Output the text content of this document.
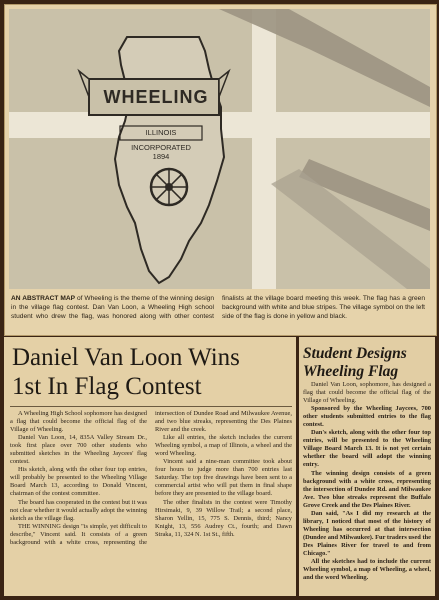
WHEELING
ILLINOIS
INCORPORATED
1894
AN ABSTRACT MAP of Wheeling is the theme of the winning design in the village flag contest. Dan Van Loon, a Wheeling High school student who drew the flag, was honored along with other contest finalists at the village board meeting this week. The flag has a green background with white and blue stripes. The village symbol on the left side of the flag is done in yellow and black.
Daniel Van Loon Wins
1st In Flag Contest

A Wheeling High School sophomore has designed a flag that could become the official flag of the Village of Wheeling.

Daniel Van Loon, 14, 835A Valley Stream Dr., took first place over 700 other students who submitted sketches in the Wheeling Jaycees' flag contest.

His sketch, along with the other four top entries, will probably be presented to the Wheeling Village Board March 13, according to Donald Vincent, chairman of the contest committee.

The board has cooperated in the contest but it was not clear whether it would actually adopt the winning sketch as the village flag.

THE WINNING design "is simple, yet difficult to describe," Vincent said. It consists of a green background with a white cross, representing the intersection of Dundee Road and Milwaukee Avenue, and two blue streaks, representing the Des Plaines River and the creek.

Like all entries, the sketch includes the current Wheeling symbol, a map of Illinois, a wheel and the word Wheeling.

Vincent said a nine-man committee took about four hours to judge more than 700 entries last Saturday. The top five drawings have been sent to a commercial artist who will put them in final shape before they are presented to the village board.

The other finalists in the contest were Timothy Hirsimaki, 9, 39 Willow Trail; a second place, Sharon Yellin, 15, 775 S. Dennis, third; Nancy Knight, 13, 556 Audrey Ct., fourth; and Dawn Straka, 11, 324 N. 1st St., fifth.

Student Designs
Wheeling Flag

Daniel Van Loon, sophomore, has designed a flag that could become the official flag of the Village of Wheeling.

Sponsored by the Wheeling Jaycees, 700 other students submitted entries to the flag contest.

Dan's sketch, along with the other four top entries, will be presented to the Wheeling Village Board March 13. It is not yet certain whether the board will adopt the winning entry.

The winning design consists of a green background with a white cross, representing the intersection of Dundee Rd. and Milwaukee Ave. Two blue streaks represent the Buffalo Grove Creek and the Des Plaines River.

Dan said, "As I did my research at the library, I noticed that most of the history of Wheeling has occurred at that intersection (Dundee and Milwaukee). Fur traders used the Des Plaines River for travel to and from Chicago."

All the sketches had to include the current Wheeling symbol, a map of Wheeling, a wheel, and the word Wheeling.
